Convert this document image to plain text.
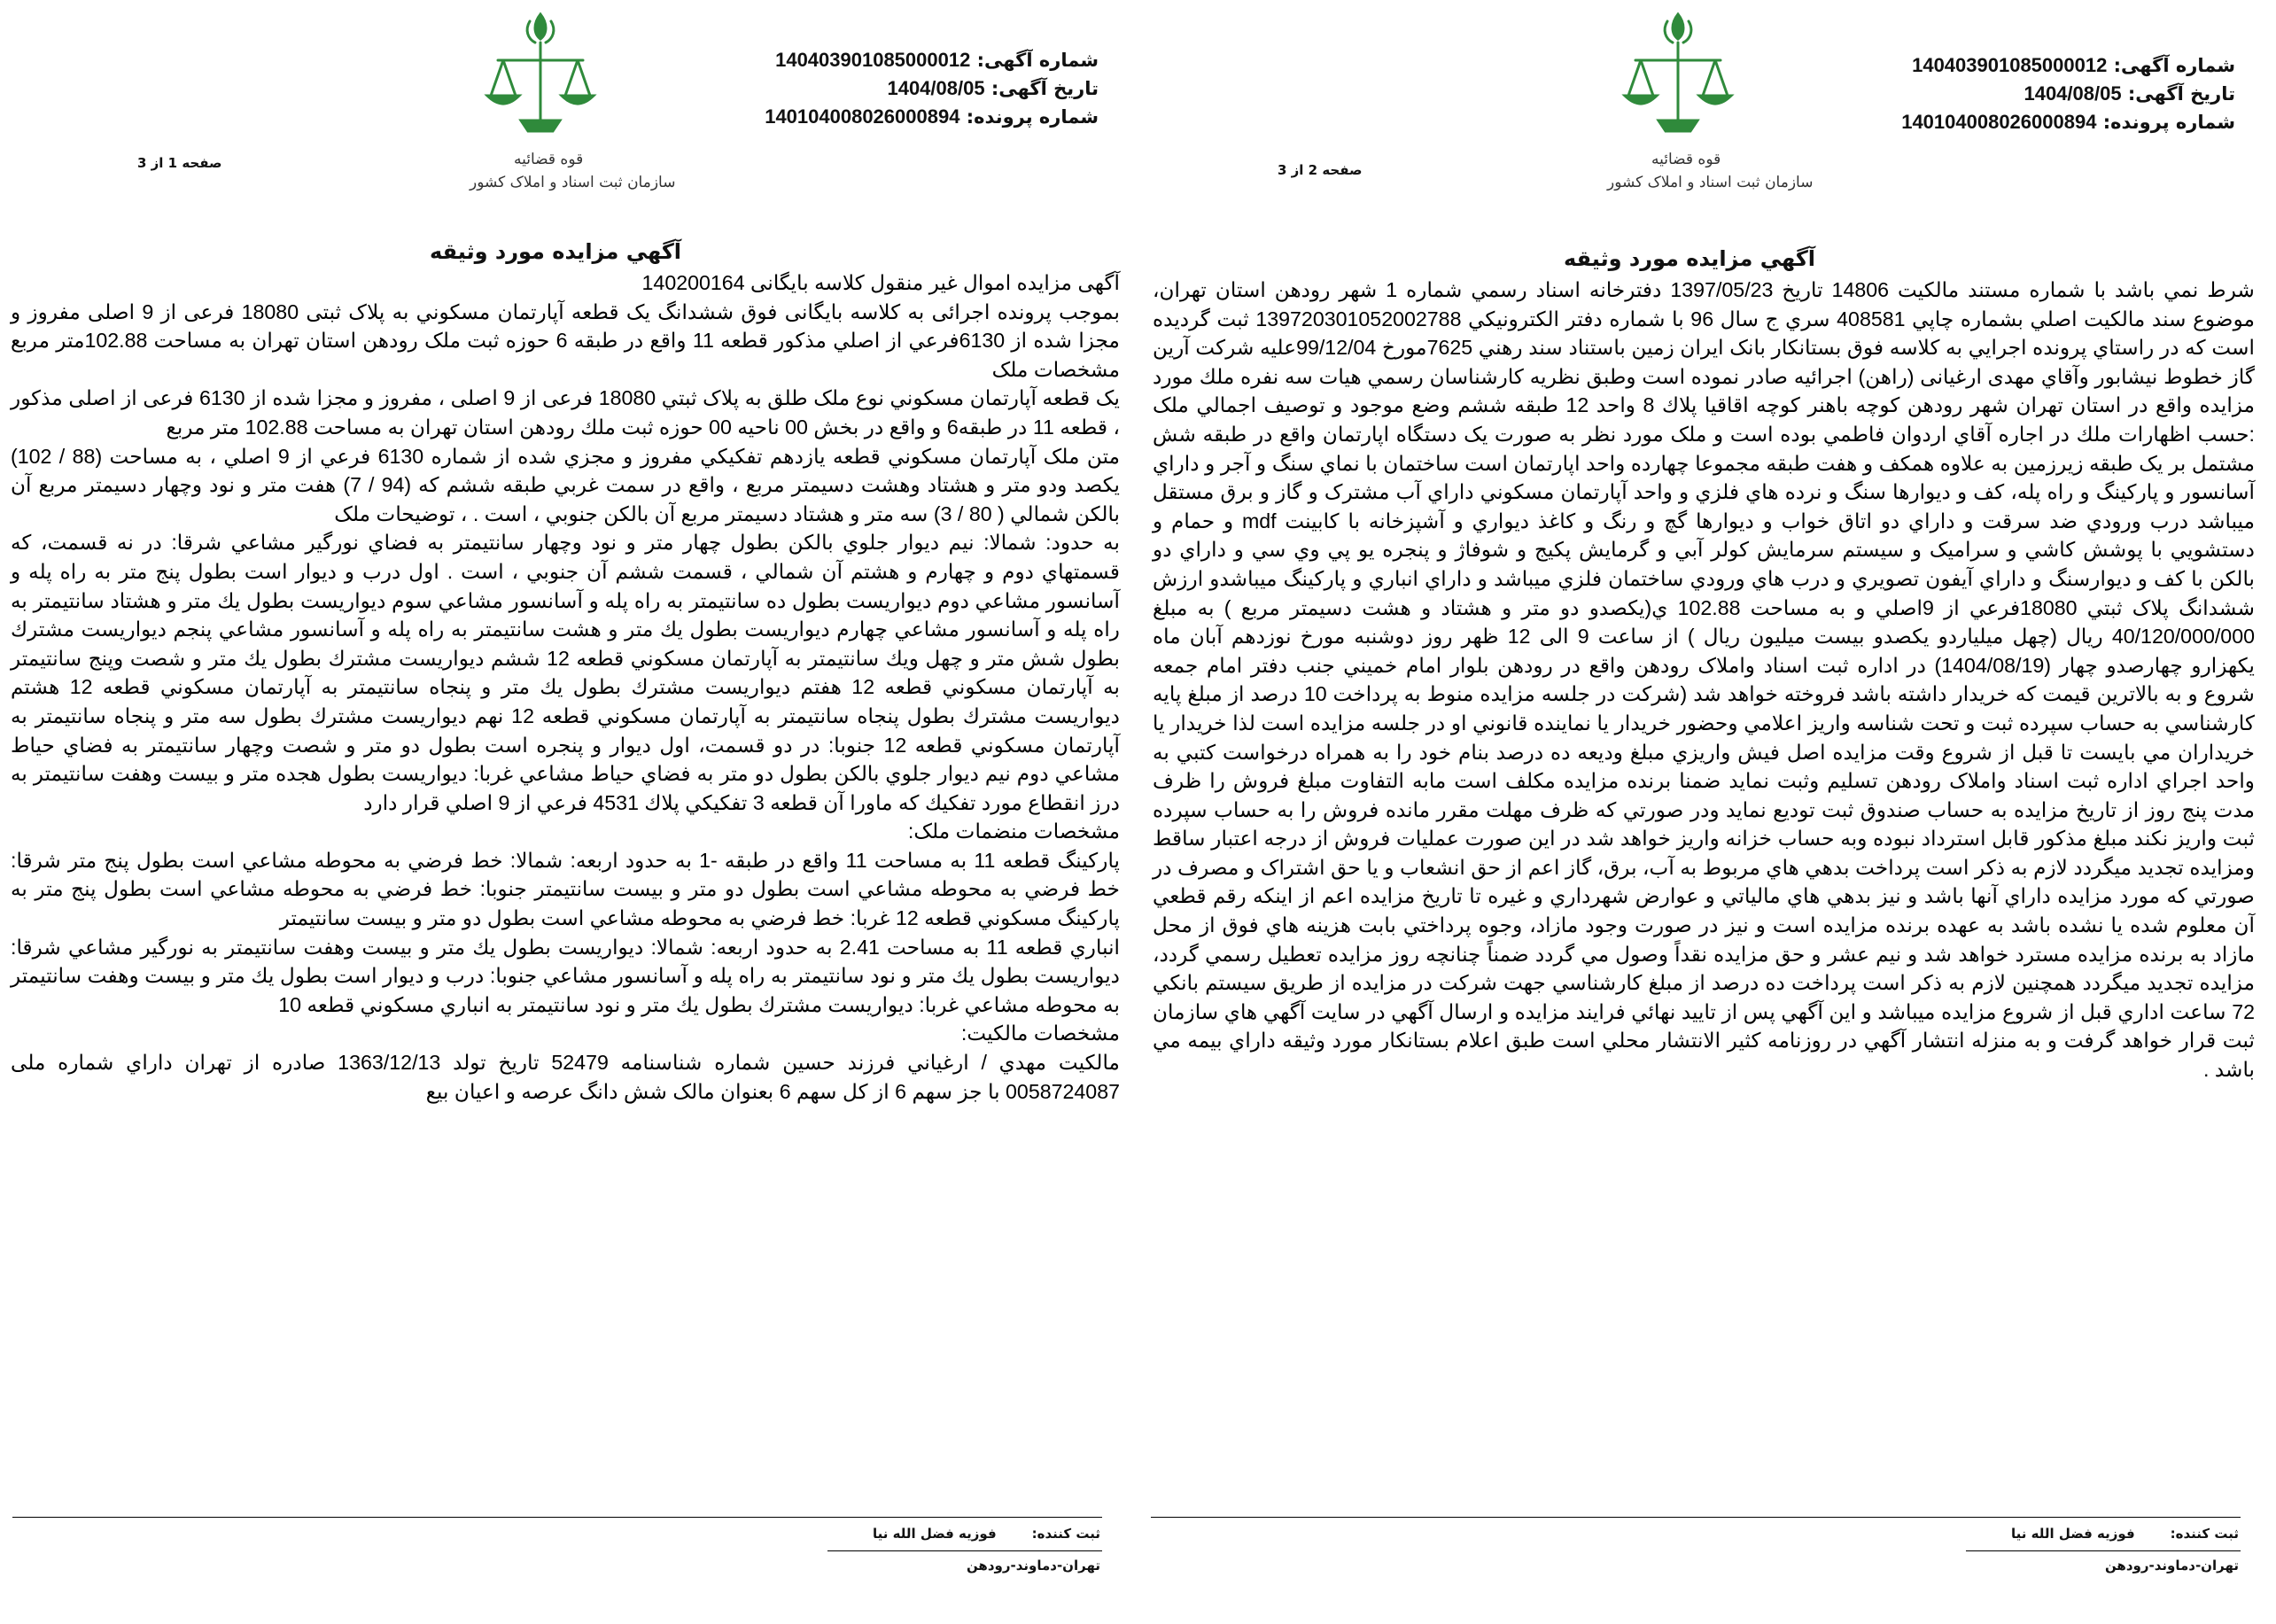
قوه قضائیه
سازمان ثبت اسناد و املاک کشور
شماره آگهی: 140403901085000012
تاریخ آگهی: 1404/08/05
شماره پرونده: 140104008026000894
صفحه 1 از 3
آگهي مزايده مورد وثيقه

آگهی مزایده اموال غیر منقول کلاسه بایگانی 140200164

بموجب پرونده اجرائی به کلاسه بایگانی فوق ششدانگ یک قطعه آپارتمان مسكوني به پلاک ثبتی 18080 فرعی از 9 اصلی مفروز و مجزا شده از 6130فرعي از اصلي مذكور قطعه 11 واقع در طبقه 6 حوزه ثبت ملک رودهن استان تهران به مساحت 102.88متر مربع مشخصات ملک

يک قطعه آپارتمان مسكوني نوع ملک طلق به پلاک ثبتي 18080 فرعی از 9 اصلی ، مفروز و مجزا شده از 6130 فرعی از اصلی مذکور ، قطعه 11 در طبقه6 و واقع در بخش 00 ناحيه 00 حوزه ثبت ملك رودهن استان تهران به مساحت 102.88 متر مربع

متن ملک آپارتمان مسكوني قطعه يازدهم تفكيكي مفروز و مجزي شده از شماره 6130 فرعي از 9 اصلي ، به مساحت (88 / 102) يكصد ودو متر و هشتاد وهشت دسيمتر مربع ، واقع در سمت غربي طبقه ششم كه (94 / 7) هفت متر و نود وچهار دسيمتر مربع آن بالكن شمالي ( 80 / 3) سه متر و هشتاد دسيمتر مربع آن بالكن جنوبي ، است . ، توضيحات ملک

به حدود: شمالا: نيم ديوار جلوي بالكن بطول چهار متر و نود وچهار سانتيمتر به فضاي نورگير مشاعي شرقا: در نه قسمت، كه قسمتهاي دوم و چهارم و هشتم آن شمالي ، قسمت ششم آن جنوبي ، است . اول درب و ديوار است بطول پنج متر به راه پله و آسانسور مشاعي دوم ديواريست بطول ده سانتيمتر به راه پله و آسانسور مشاعي سوم ديواريست بطول يك متر و هشتاد سانتيمتر به راه پله و آسانسور مشاعي چهارم ديواريست بطول يك متر و هشت سانتيمتر به راه پله و آسانسور مشاعي پنجم ديواريست مشترك بطول شش متر و چهل ويك سانتيمتر به آپارتمان مسكوني قطعه 12 ششم ديواريست مشترك بطول يك متر و شصت وپنج سانتيمتر به آپارتمان مسكوني قطعه 12 هفتم ديواريست مشترك بطول يك متر و پنجاه سانتيمتر به آپارتمان مسكوني قطعه 12 هشتم ديواريست مشترك بطول پنجاه سانتيمتر به آپارتمان مسكوني قطعه 12 نهم ديواريست مشترك بطول سه متر و پنجاه سانتيمتر به آپارتمان مسكوني قطعه 12 جنوبا: در دو قسمت، اول ديوار و پنجره است بطول دو متر و شصت وچهار سانتيمتر به فضاي حياط مشاعي دوم نيم ديوار جلوي بالكن بطول دو متر به فضاي حياط مشاعي غربا: ديواريست بطول هجده متر و بيست وهفت سانتيمتر به درز انقطاع مورد تفكيك كه ماورا آن قطعه 3 تفكيكي پلاك 4531 فرعي از 9 اصلي قرار دارد

مشخصات منضمات ملک:

پاركينگ قطعه 11 به مساحت 11 واقع در طبقه -1 به حدود اربعه: شمالا: خط فرضي به محوطه مشاعي است بطول پنج متر شرقا: خط فرضي به محوطه مشاعي است بطول دو متر و بيست سانتيمتر جنوبا: خط فرضي به محوطه مشاعي است بطول پنج متر به پاركينگ مسكوني قطعه 12 غربا: خط فرضي به محوطه مشاعي است بطول دو متر و بيست سانتيمتر

انباري قطعه 11 به مساحت 2.41 به حدود اربعه: شمالا: ديواريست بطول يك متر و بيست وهفت سانتيمتر به نورگير مشاعي شرقا: ديواريست بطول يك متر و نود سانتيمتر به راه پله و آسانسور مشاعي جنوبا: درب و ديوار است بطول يك متر و بيست وهفت سانتيمتر به محوطه مشاعي غربا: ديواريست مشترك بطول يك متر و نود سانتيمتر به انباري مسكوني قطعه 10

مشخصات مالکیت:

مالكيت مهدي / ارغياني فرزند حسين شماره شناسنامه 52479 تاريخ تولد 1363/12/13 صادره از تهران داراي شماره ملی 0058724087 با جز سهم 6 از كل سهم 6 بعنوان مالک شش دانگ عرصه و اعيان بيع

ثبت کننده:
فوزیه فضل الله نیا
تهران-دماوند-رودهن
قوه قضائیه
سازمان ثبت اسناد و املاک کشور
شماره آگهی: 140403901085000012
تاریخ آگهی: 1404/08/05
شماره پرونده: 140104008026000894
صفحه 2 از 3
آگهي مزايده مورد وثيقه

شرط نمي باشد با شماره مستند مالكيت 14806 تاريخ 1397/05/23 دفترخانه اسناد رسمي شماره 1 شهر رودهن استان تهران، موضوع سند مالكيت اصلي بشماره چاپي 408581 سري ج سال 96 با شماره دفتر الكترونيكي 139720301052002788 ثبت گرديده است كه در راستاي پرونده اجرايي به كلاسه فوق بستانكار بانک ايران زمين باستناد سند رهني 7625مورخ 99/12/04عليه شركت آرين گاز خطوط نيشابور وآقاي مهدی ارغیانی (راهن) اجرائيه صادر نموده است وطبق نظريه كارشناسان رسمي هيات سه نفره ملك مورد مزايده واقع در استان تهران شهر رودهن كوچه باهنر كوچه اقاقيا پلاك 8 واحد 12 طبقه ششم وضع موجود و توصيف اجمالي ملک :حسب اظهارات ملك در اجاره آقاي اردوان فاطمي بوده است و ملک مورد نظر به صورت يک دستگاه اپارتمان واقع در طبقه شش مشتمل بر يک طبقه زيرزمين به علاوه همكف و هفت طبقه مجموعا چهارده واحد اپارتمان است ساختمان با نماي سنگ و آجر و داراي آسانسور و پاركينگ و راه پله، كف و ديوارها سنگ و نرده هاي فلزي و واحد آپارتمان مسكوني داراي آب مشترک و گاز و برق مستقل ميباشد درب ورودي ضد سرقت و داراي دو اتاق خواب و ديوارها گچ و رنگ و كاغذ ديواري و آشپزخانه با كابينت mdf و حمام و دستشويي با پوشش كاشي و سراميک و سيستم سرمايش كولر آبي و گرمايش پكيج و شوفاژ و پنجره يو پي وي سي و داراي دو بالكن با كف و ديوارسنگ و داراي آيفون تصويري و درب هاي ورودي ساختمان فلزي ميباشد و داراي انباري و پاركينگ ميباشدو ارزش ششدانگ پلاک ثبتي 18080فرعي از 9اصلي و به مساحت 102.88 ي(يكصدو دو متر و هشتاد و هشت دسيمتر مربع ) به مبلغ 40/120/000/000 ريال (چهل ميلياردو يكصدو بيست ميليون ريال ) از ساعت 9 الی 12 ظهر روز دوشنبه مورخ نوزدهم آبان ماه يكهزارو چهارصدو چهار (1404/08/19) در اداره ثبت اسناد واملاک رودهن واقع در رودهن بلوار امام خميني جنب دفتر امام جمعه شروع و به بالاترين قيمت كه خريدار داشته باشد فروخته خواهد شد (شركت در جلسه مزايده منوط به پرداخت 10 درصد از مبلغ پايه كارشناسي به حساب سپرده ثبت و تحت شناسه واريز اعلامي وحضور خريدار يا نماينده قانوني او در جلسه مزايده است لذا خريدار يا خريداران مي بايست تا قبل از شروع وقت مزايده اصل فيش واريزي مبلغ وديعه ده درصد بنام خود را به همراه درخواست كتبي به واحد اجراي اداره ثبت اسناد واملاک رودهن تسليم وثبت نمايد ضمنا برنده مزايده مكلف است مابه التفاوت مبلغ فروش را ظرف مدت پنج روز از تاريخ مزايده به حساب صندوق ثبت توديع نمايد ودر صورتي كه ظرف مهلت مقرر مانده فروش را به حساب سپرده ثبت واريز نكند مبلغ مذكور قابل استرداد نبوده وبه حساب خزانه واريز خواهد شد در اين صورت عمليات فروش از درجه اعتبار ساقط ومزايده تجديد ميگردد لازم به ذكر است پرداخت بدهي هاي مربوط به آب، برق، گاز اعم از حق انشعاب و يا حق اشتراک و مصرف در صورتي كه مورد مزايده داراي آنها باشد و نيز بدهي هاي مالياتي و عوارض شهرداري و غيره تا تاريخ مزايده اعم از اينكه رقم قطعي آن معلوم شده يا نشده باشد به عهده برنده مزايده است و نيز در صورت وجود مازاد، وجوه پرداختي بابت هزينه هاي فوق از محل مازاد به برنده مزايده مسترد خواهد شد و نيم عشر و حق مزايده نقداً وصول مي گردد ضمناً چنانچه روز مزايده تعطيل رسمي گردد، مزايده تجديد ميگردد همچنين لازم به ذكر است پرداخت ده درصد از مبلغ كارشناسي جهت شركت در مزايده از طريق سيستم بانكي 72 ساعت اداري قبل از شروع مزايده ميباشد و اين آگهي پس از تاييد نهائي فرايند مزايده و ارسال آگهي در سايت آگهي هاي سازمان ثبت قرار خواهد گرفت و به منزله انتشار آگهي در روزنامه كثير الانتشار محلي است طبق اعلام بستانكار مورد وثيقه داراي بيمه مي باشد .

ثبت کننده:
فوزیه فضل الله نیا
تهران-دماوند-رودهن
